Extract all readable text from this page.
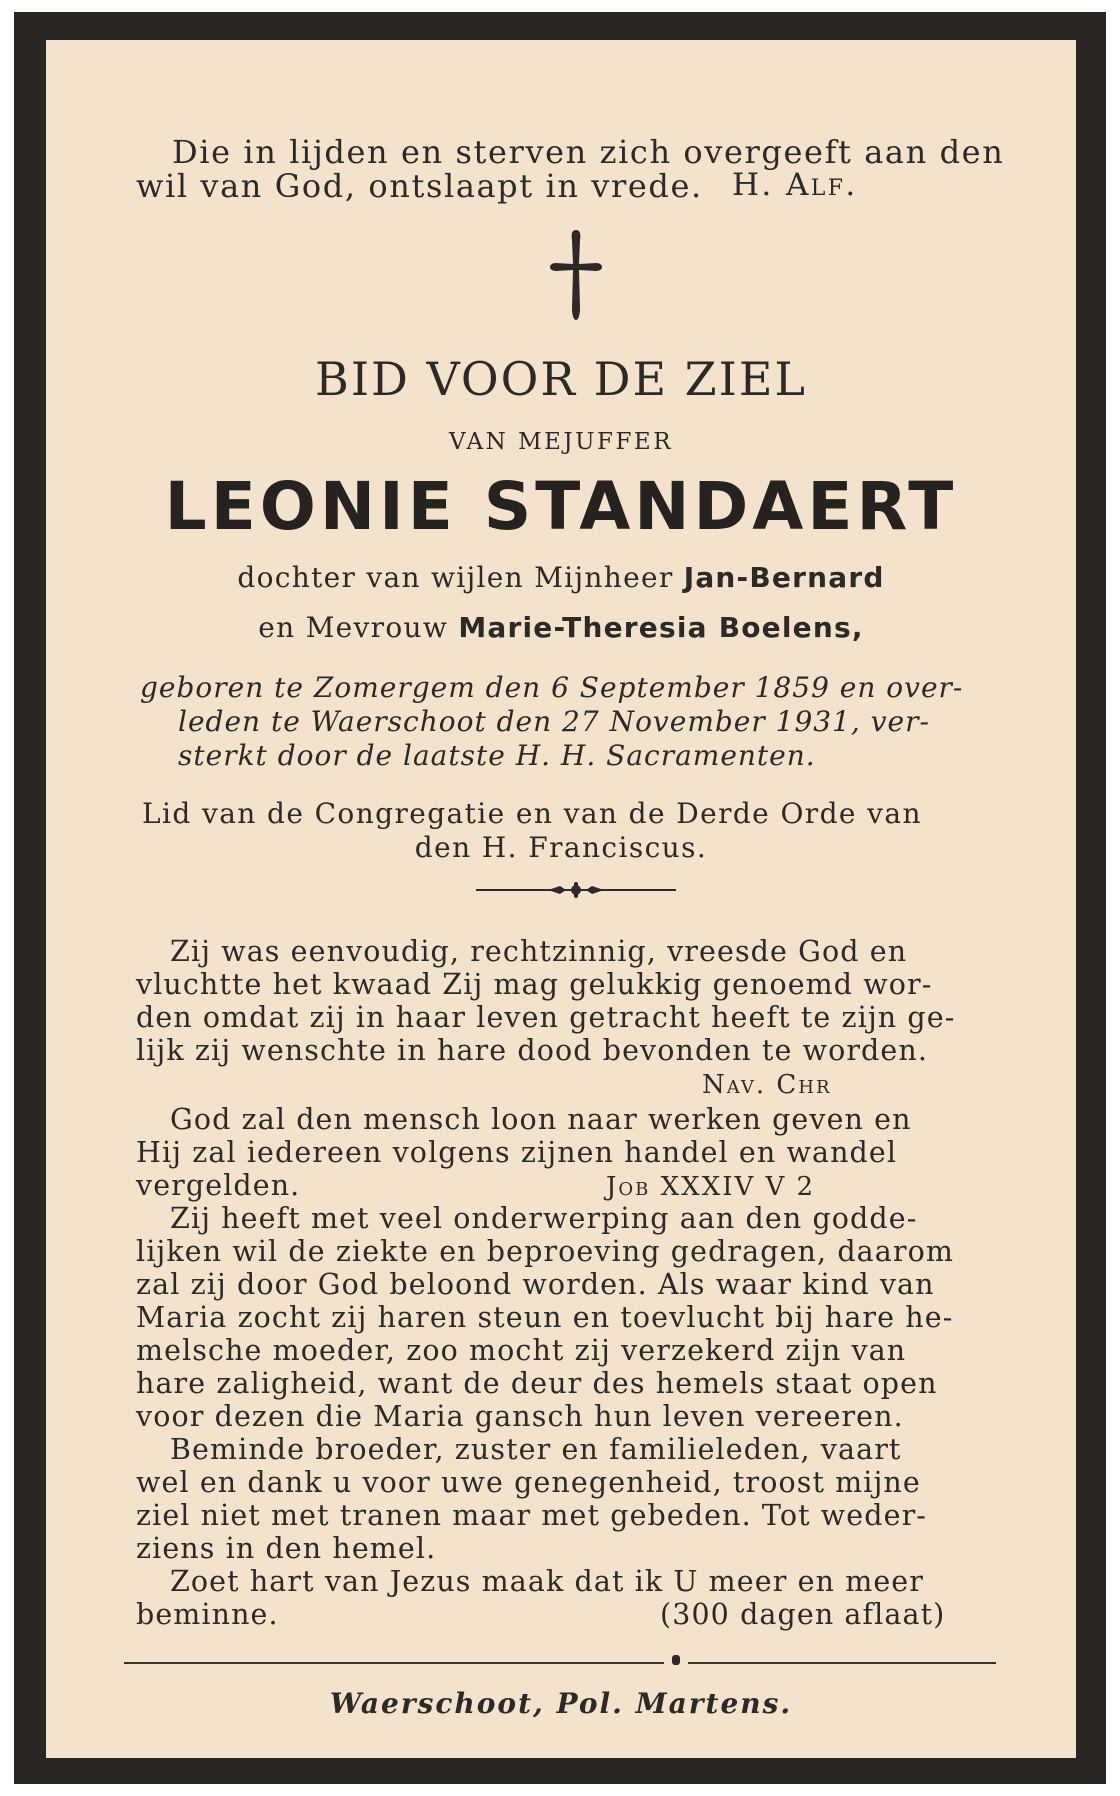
Die in lijden en sterven zich overgeeft aan den

wil van God, ontslaapt in vrede. H. Alf.

BID VOOR DE ZIEL

VAN MEJUFFER

LEONIE STANDAERT

dochter van wijlen Mijnheer Jan-Bernard

en Mevrouw Marie-Theresia Boelens,

geboren te Zomergem den 6 September 1859 en over-

leden te Waerschoot den 27 November 1931, ver-

sterkt door de laatste H. H. Sacramenten.

Lid van de Congregatie en van de Derde Orde van

den H. Franciscus.

Zij was eenvoudig, rechtzinnig, vreesde God en

vluchtte het kwaad Zij mag gelukkig genoemd wor-

den omdat zij in haar leven getracht heeft te zijn ge-

lijk zij wenschte in hare dood bevonden te worden.

Nav. Chr

God zal den mensch loon naar werken geven en

Hij zal iedereen volgens zijnen handel en wandel

vergelden.	Job XXXIV V 2

Zij heeft met veel onderwerping aan den godde-

lijken wil de ziekte en beproeving gedragen, daarom

zal zij door God beloond worden. Als waar kind van

Maria zocht zij haren steun en toevlucht bij hare he-

melsche moeder, zoo mocht zij verzekerd zijn van

hare zaligheid, want de deur des hemels staat open

voor dezen die Maria gansch hun leven vereeren.

Beminde broeder, zuster en familieleden, vaart

wel en dank u voor uwe genegenheid, troost mijne

ziel niet met tranen maar met gebeden. Tot weder-

ziens in den hemel.

Zoet hart van Jezus maak dat ik U meer en meer

beminne.	(300 dagen aflaat)

Waerschoot, Pol. Martens.
